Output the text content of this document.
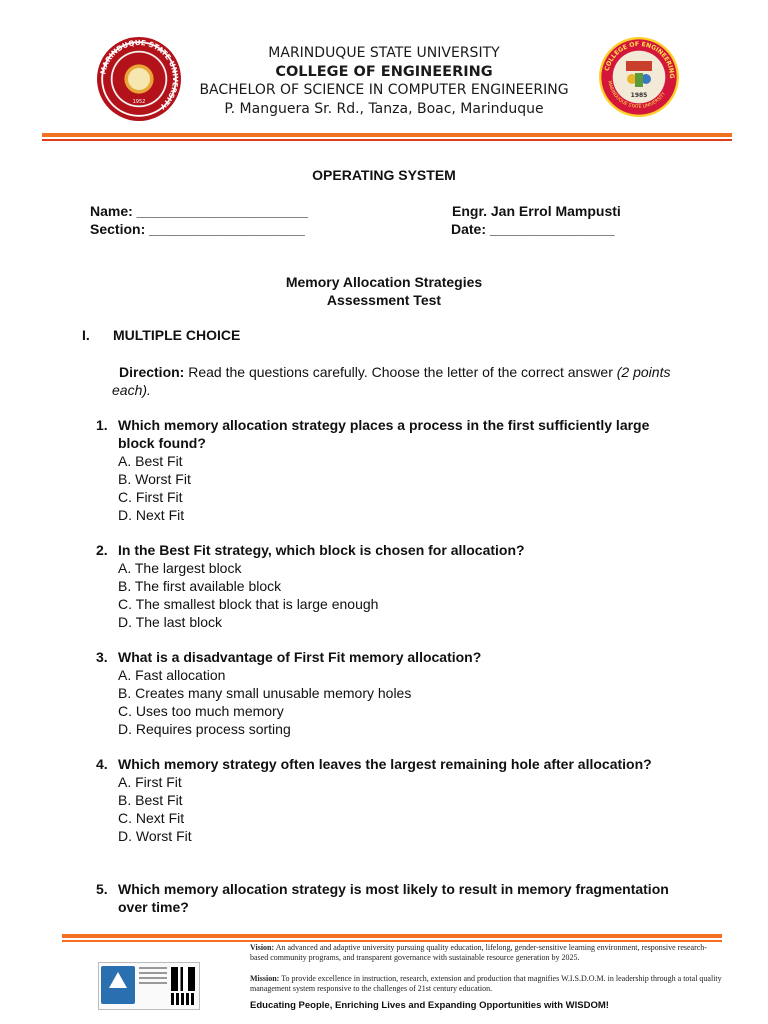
MARINDUQUE STATE UNIVERSITY
1952
COLLEGE OF ENGINEERING
MARINDUQUE STATE UNIVERSITY
1985
MARINDUQUE STATE UNIVERSITY
COLLEGE OF ENGINEERING
BACHELOR OF SCIENCE IN COMPUTER ENGINEERING
P. Manguera Sr. Rd., Tanza, Boac, Marinduque
OPERATING SYSTEM
Name: ______________________
Section: ____________________
Engr. Jan Errol Mampusti
Date: ________________
Memory Allocation Strategies
Assessment Test
I. MULTIPLE CHOICE
Direction: Read the questions carefully. Choose the letter of the correct answer (2 points each).
1. Which memory allocation strategy places a process in the first sufficiently large block found?
A. Best Fit
B. Worst Fit
C. First Fit
D. Next Fit
2. In the Best Fit strategy, which block is chosen for allocation?
A. The largest block
B. The first available block
C. The smallest block that is large enough
D. The last block
3. What is a disadvantage of First Fit memory allocation?
A. Fast allocation
B. Creates many small unusable memory holes
C. Uses too much memory
D. Requires process sorting
4. Which memory strategy often leaves the largest remaining hole after allocation?
A. First Fit
B. Best Fit
C. Next Fit
D. Worst Fit
5. Which memory allocation strategy is most likely to result in memory fragmentation over time?
Vision: An advanced and adaptive university pursuing quality education, lifelong, gender-sensitive learning environment, responsive research-based community programs, and transparent governance with sustainable resource generation by 2025.
Mission: To provide excellence in instruction, research, extension and production that magnifies W.I.S.D.O.M. in leadership through a total quality management system responsive to the challenges of 21st century education.
Educating People, Enriching Lives and Expanding Opportunities with WISDOM!
